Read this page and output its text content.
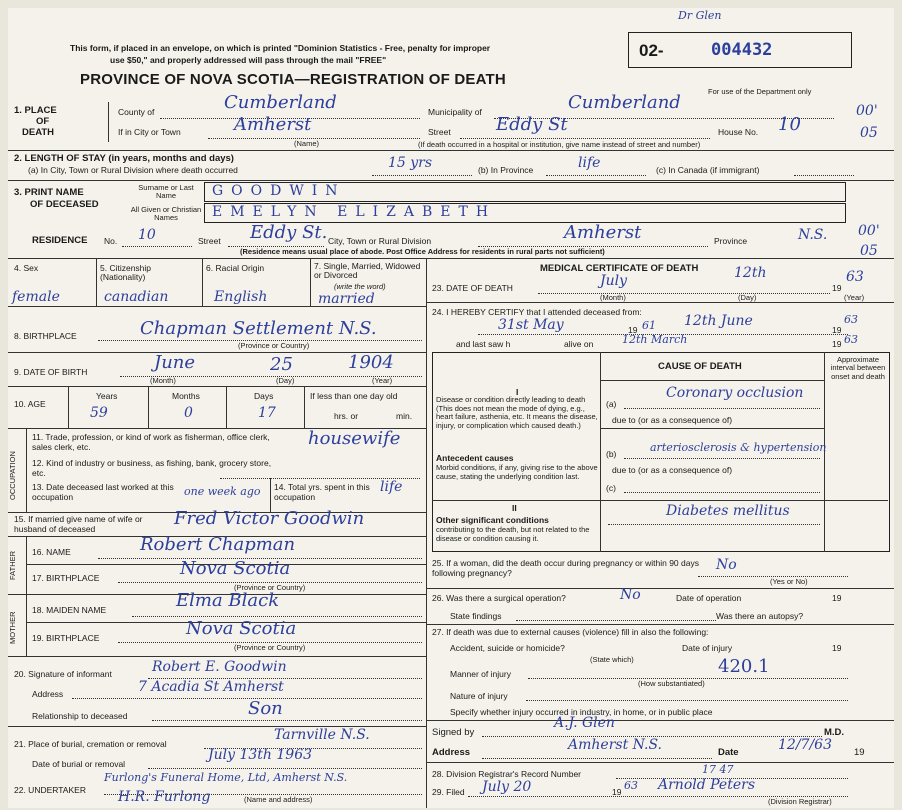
Dr Glen
This form, if placed in an envelope, on which is printed "Dominion Statistics - Free, penalty for improper
use $50," and properly addressed will pass through the mail "FREE"
PROVINCE OF NOVA SCOTIA—REGISTRATION OF DEATH
02-	004432
For use of the Department only
00'
05
00'
05
1. PLACE
OF
DEATH
County of	Cumberland	Municipality of	Cumberland
If in City or Town	Amherst
(Name)
Street	Eddy St	House No. 10
(If death occurred in a hospital or institution, give name instead of street and number)
2. LENGTH OF STAY (in years, months and days)
(a) In City, Town or Rural Division where death occurred	15 yrs	(b) In Province	life	(c) In Canada (if immigrant)
3. PRINT NAME
OF DECEASED
Surname or Last Name
All Given or Christian Names
GOODWIN
EMELYN ELIZABETH
RESIDENCE No. 10	Street Eddy St. City, Town or Rural Division	Amherst	Province	N.S.
(Residence means usual place of abode. Post Office Address for residents in rural parts not sufficient)
4. Sex
female
5. Citizenship (Nationality)
canadian
6. Racial Origin
English
7. Single, Married, Widowed or Divorced
(write the word)
married
8. BIRTHPLACE	Chapman Settlement N.S.
(Province or Country)
9. DATE OF BIRTH	June	25	1904
(Month)	(Day)	(Year)
10. AGE
Years	Months	Days
59	0	17
If less than one day old
hrs. or	min.
OCCUPATION
11. Trade, profession, or kind of work as fisherman, office clerk, sales clerk, etc.	housewife
12. Kind of industry or business, as fishing, bank, grocery store, etc.
13. Date deceased last worked at this occupation	one week ago 14. Total yrs. spent in this occupation
life
15. If married give name of wife or husband of deceased
Fred Victor Goodwin
FATHER 16. NAME	Robert Chapman
17. BIRTHPLACE	Nova Scotia
(Province or Country)
MOTHER
18. MAIDEN NAME	Elma Black
19. BIRTHPLACE	Nova Scotia
(Province or Country)
20. Signature of informant	Robert E. Goodwin
Address	7 Acadia St Amherst
Relationship to deceased	Son
21. Place of burial, cremation or removal
Tarnville N.S.
Date of burial or removal
July 13th 1963
Furlong's Funeral Home, Ltd, Amherst N.S.
22. UNDERTAKER H.R. Furlong	(Name and address)
MEDICAL CERTIFICATE OF DEATH
23. DATE OF DEATH	July	12th
19
63
(Month)	(Day)	(Year)
24. I HEREBY CERTIFY that I attended deceased from:
31st May	19 61 12th June
19
63
and last saw h	alive on	12th March	19 63
CAUSE OF DEATH
Approximate interval between onset and death
I
Disease or condition directly leading to death (This does not mean the mode of dying, e.g., heart failure, asthenia, etc. It means the disease, injury, or complication which caused death.)
(a)
Coronary occlusion
due to (or as a consequence of)
Antecedent causes
Morbid conditions, if any, giving rise to the above cause, stating the underlying condition last.
(b)	arteriosclerosis & hypertension
due to (or as a consequence of)
(c)
II
Other significant conditions
contributing to the death, but not related to the disease or condition causing it.
Diabetes mellitus
25. If a woman, did the death occur during pregnancy or within 90 days following pregnancy?
No
(Yes or No)
26. Was there a surgical operation?	No	Date of operation	19
State findings	Was there an autopsy?
27. If death was due to external causes (violence) fill in also the following:
Accident, suicide or homicide?	Date of injury	19
(State which)
Manner of injury	420.1
(How substantiated)
Nature of injury
Specify whether injury occurred in industry, in home, or in public place
Signed by
A.J. Glen
M.D.
Address	Amherst N.S.	Date	12/7/63 19
28. Division Registrar's Record Number	17 47
29. Filed July 20	19 63 Arnold Peters
(Division Registrar)
